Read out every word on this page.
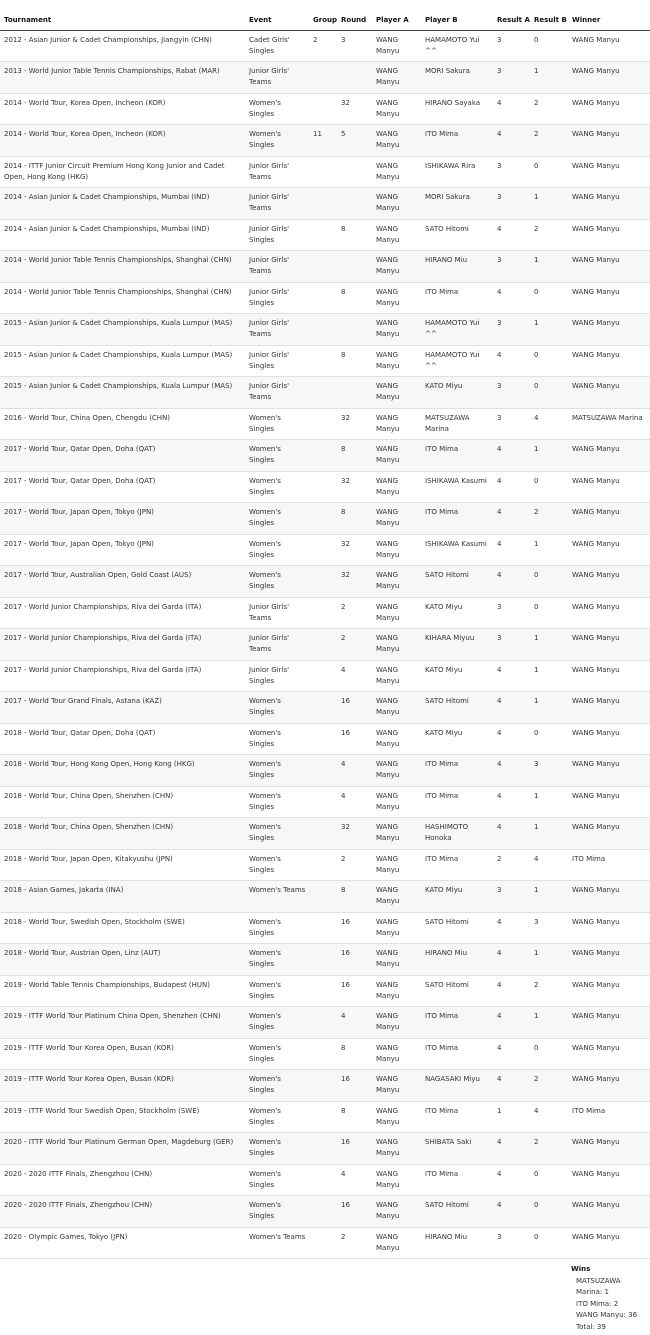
Tournament	Event	Group	Round	Player A	Player B	Result A	Result B	Winner
2012 - Asian Junior & Cadet Championships, Jiangyin (CHN)	Cadet Girls' Singles	2	3	WANG Manyu	HAMAMOTO Yui ^^	3	0	WANG Manyu
2013 - World Junior Table Tennis Championships, Rabat (MAR)	Junior Girls' Teams			WANG Manyu	MORI Sakura	3	1	WANG Manyu
2014 - World Tour, Korea Open, Incheon (KOR)	Women's Singles		32	WANG Manyu	HIRANO Sayaka	4	2	WANG Manyu
2014 - World Tour, Korea Open, Incheon (KOR)	Women's Singles	11	5	WANG Manyu	ITO Mima	4	2	WANG Manyu
2014 - ITTF Junior Circuit Premium Hong Kong Junior and Cadet Open, Hong Kong (HKG)	Junior Girls' Teams			WANG Manyu	ISHIKAWA Rira	3	0	WANG Manyu
2014 - Asian Junior & Cadet Championships, Mumbai (IND)	Junior Girls' Teams			WANG Manyu	MORI Sakura	3	1	WANG Manyu
2014 - Asian Junior & Cadet Championships, Mumbai (IND)	Junior Girls' Singles		8	WANG Manyu	SATO Hitomi	4	2	WANG Manyu
2014 - World Junior Table Tennis Championships, Shanghai (CHN)	Junior Girls' Teams			WANG Manyu	HIRANO Miu	3	1	WANG Manyu
2014 - World Junior Table Tennis Championships, Shanghai (CHN)	Junior Girls' Singles		8	WANG Manyu	ITO Mima	4	0	WANG Manyu
2015 - Asian Junior & Cadet Championships, Kuala Lumpur (MAS)	Junior Girls' Teams			WANG Manyu	HAMAMOTO Yui ^^	3	1	WANG Manyu
2015 - Asian Junior & Cadet Championships, Kuala Lumpur (MAS)	Junior Girls' Singles		8	WANG Manyu	HAMAMOTO Yui ^^	4	0	WANG Manyu
2015 - Asian Junior & Cadet Championships, Kuala Lumpur (MAS)	Junior Girls' Teams			WANG Manyu	KATO Miyu	3	0	WANG Manyu
2016 - World Tour, China Open, Chengdu (CHN)	Women's Singles		32	WANG Manyu	MATSUZAWA Marina	3	4	MATSUZAWA Marina
2017 - World Tour, Qatar Open, Doha (QAT)	Women's Singles		8	WANG Manyu	ITO Mima	4	1	WANG Manyu
2017 - World Tour, Qatar Open, Doha (QAT)	Women's Singles		32	WANG Manyu	ISHIKAWA Kasumi	4	0	WANG Manyu
2017 - World Tour, Japan Open, Tokyo (JPN)	Women's Singles		8	WANG Manyu	ITO Mima	4	2	WANG Manyu
2017 - World Tour, Japan Open, Tokyo (JPN)	Women's Singles		32	WANG Manyu	ISHIKAWA Kasumi	4	1	WANG Manyu
2017 - World Tour, Australian Open, Gold Coast (AUS)	Women's Singles		32	WANG Manyu	SATO Hitomi	4	0	WANG Manyu
2017 - World Junior Championships, Riva del Garda (ITA)	Junior Girls' Teams		2	WANG Manyu	KATO Miyu	3	0	WANG Manyu
2017 - World Junior Championships, Riva del Garda (ITA)	Junior Girls' Teams		2	WANG Manyu	KIHARA Miyuu	3	1	WANG Manyu
2017 - World Junior Championships, Riva del Garda (ITA)	Junior Girls' Singles		4	WANG Manyu	KATO Miyu	4	1	WANG Manyu
2017 - World Tour Grand Finals, Astana (KAZ)	Women's Singles		16	WANG Manyu	SATO Hitomi	4	1	WANG Manyu
2018 - World Tour, Qatar Open, Doha (QAT)	Women's Singles		16	WANG Manyu	KATO Miyu	4	0	WANG Manyu
2018 - World Tour, Hong Kong Open, Hong Kong (HKG)	Women's Singles		4	WANG Manyu	ITO Mima	4	3	WANG Manyu
2018 - World Tour, China Open, Shenzhen (CHN)	Women's Singles		4	WANG Manyu	ITO Mima	4	1	WANG Manyu
2018 - World Tour, China Open, Shenzhen (CHN)	Women's Singles		32	WANG Manyu	HASHIMOTO Honoka	4	1	WANG Manyu
2018 - World Tour, Japan Open, Kitakyushu (JPN)	Women's Singles		2	WANG Manyu	ITO Mima	2	4	ITO Mima
2018 - Asian Games, Jakarta (INA)	Women's Teams		8	WANG Manyu	KATO Miyu	3	1	WANG Manyu
2018 - World Tour, Swedish Open, Stockholm (SWE)	Women's Singles		16	WANG Manyu	SATO Hitomi	4	3	WANG Manyu
2018 - World Tour, Austrian Open, Linz (AUT)	Women's Singles		16	WANG Manyu	HIRANO Miu	4	1	WANG Manyu
2019 - World Table Tennis Championships, Budapest (HUN)	Women's Singles		16	WANG Manyu	SATO Hitomi	4	2	WANG Manyu
2019 - ITTF World Tour Platinum China Open, Shenzhen (CHN)	Women's Singles		4	WANG Manyu	ITO Mima	4	1	WANG Manyu
2019 - ITTF World Tour Korea Open, Busan (KOR)	Women's Singles		8	WANG Manyu	ITO Mima	4	0	WANG Manyu
2019 - ITTF World Tour Korea Open, Busan (KOR)	Women's Singles		16	WANG Manyu	NAGASAKI Miyu	4	2	WANG Manyu
2019 - ITTF World Tour Swedish Open, Stockholm (SWE)	Women's Singles		8	WANG Manyu	ITO Mima	1	4	ITO Mima
2020 - ITTF World Tour Platinum German Open, Magdeburg (GER)	Women's Singles		16	WANG Manyu	SHIBATA Saki	4	2	WANG Manyu
2020 - 2020 ITTF Finals, Zhengzhou (CHN)	Women's Singles		4	WANG Manyu	ITO Mima	4	0	WANG Manyu
2020 - 2020 ITTF Finals, Zhengzhou (CHN)	Women's Singles		16	WANG Manyu	SATO Hitomi	4	0	WANG Manyu
2020 - Olympic Games, Tokyo (JPN)	Women's Teams		2	WANG Manyu	HIRANO Miu	3	0	WANG Manyu
Wins
MATSUZAWA Marina: 1
ITO Mima: 2
WANG Manyu: 36
Total: 39
